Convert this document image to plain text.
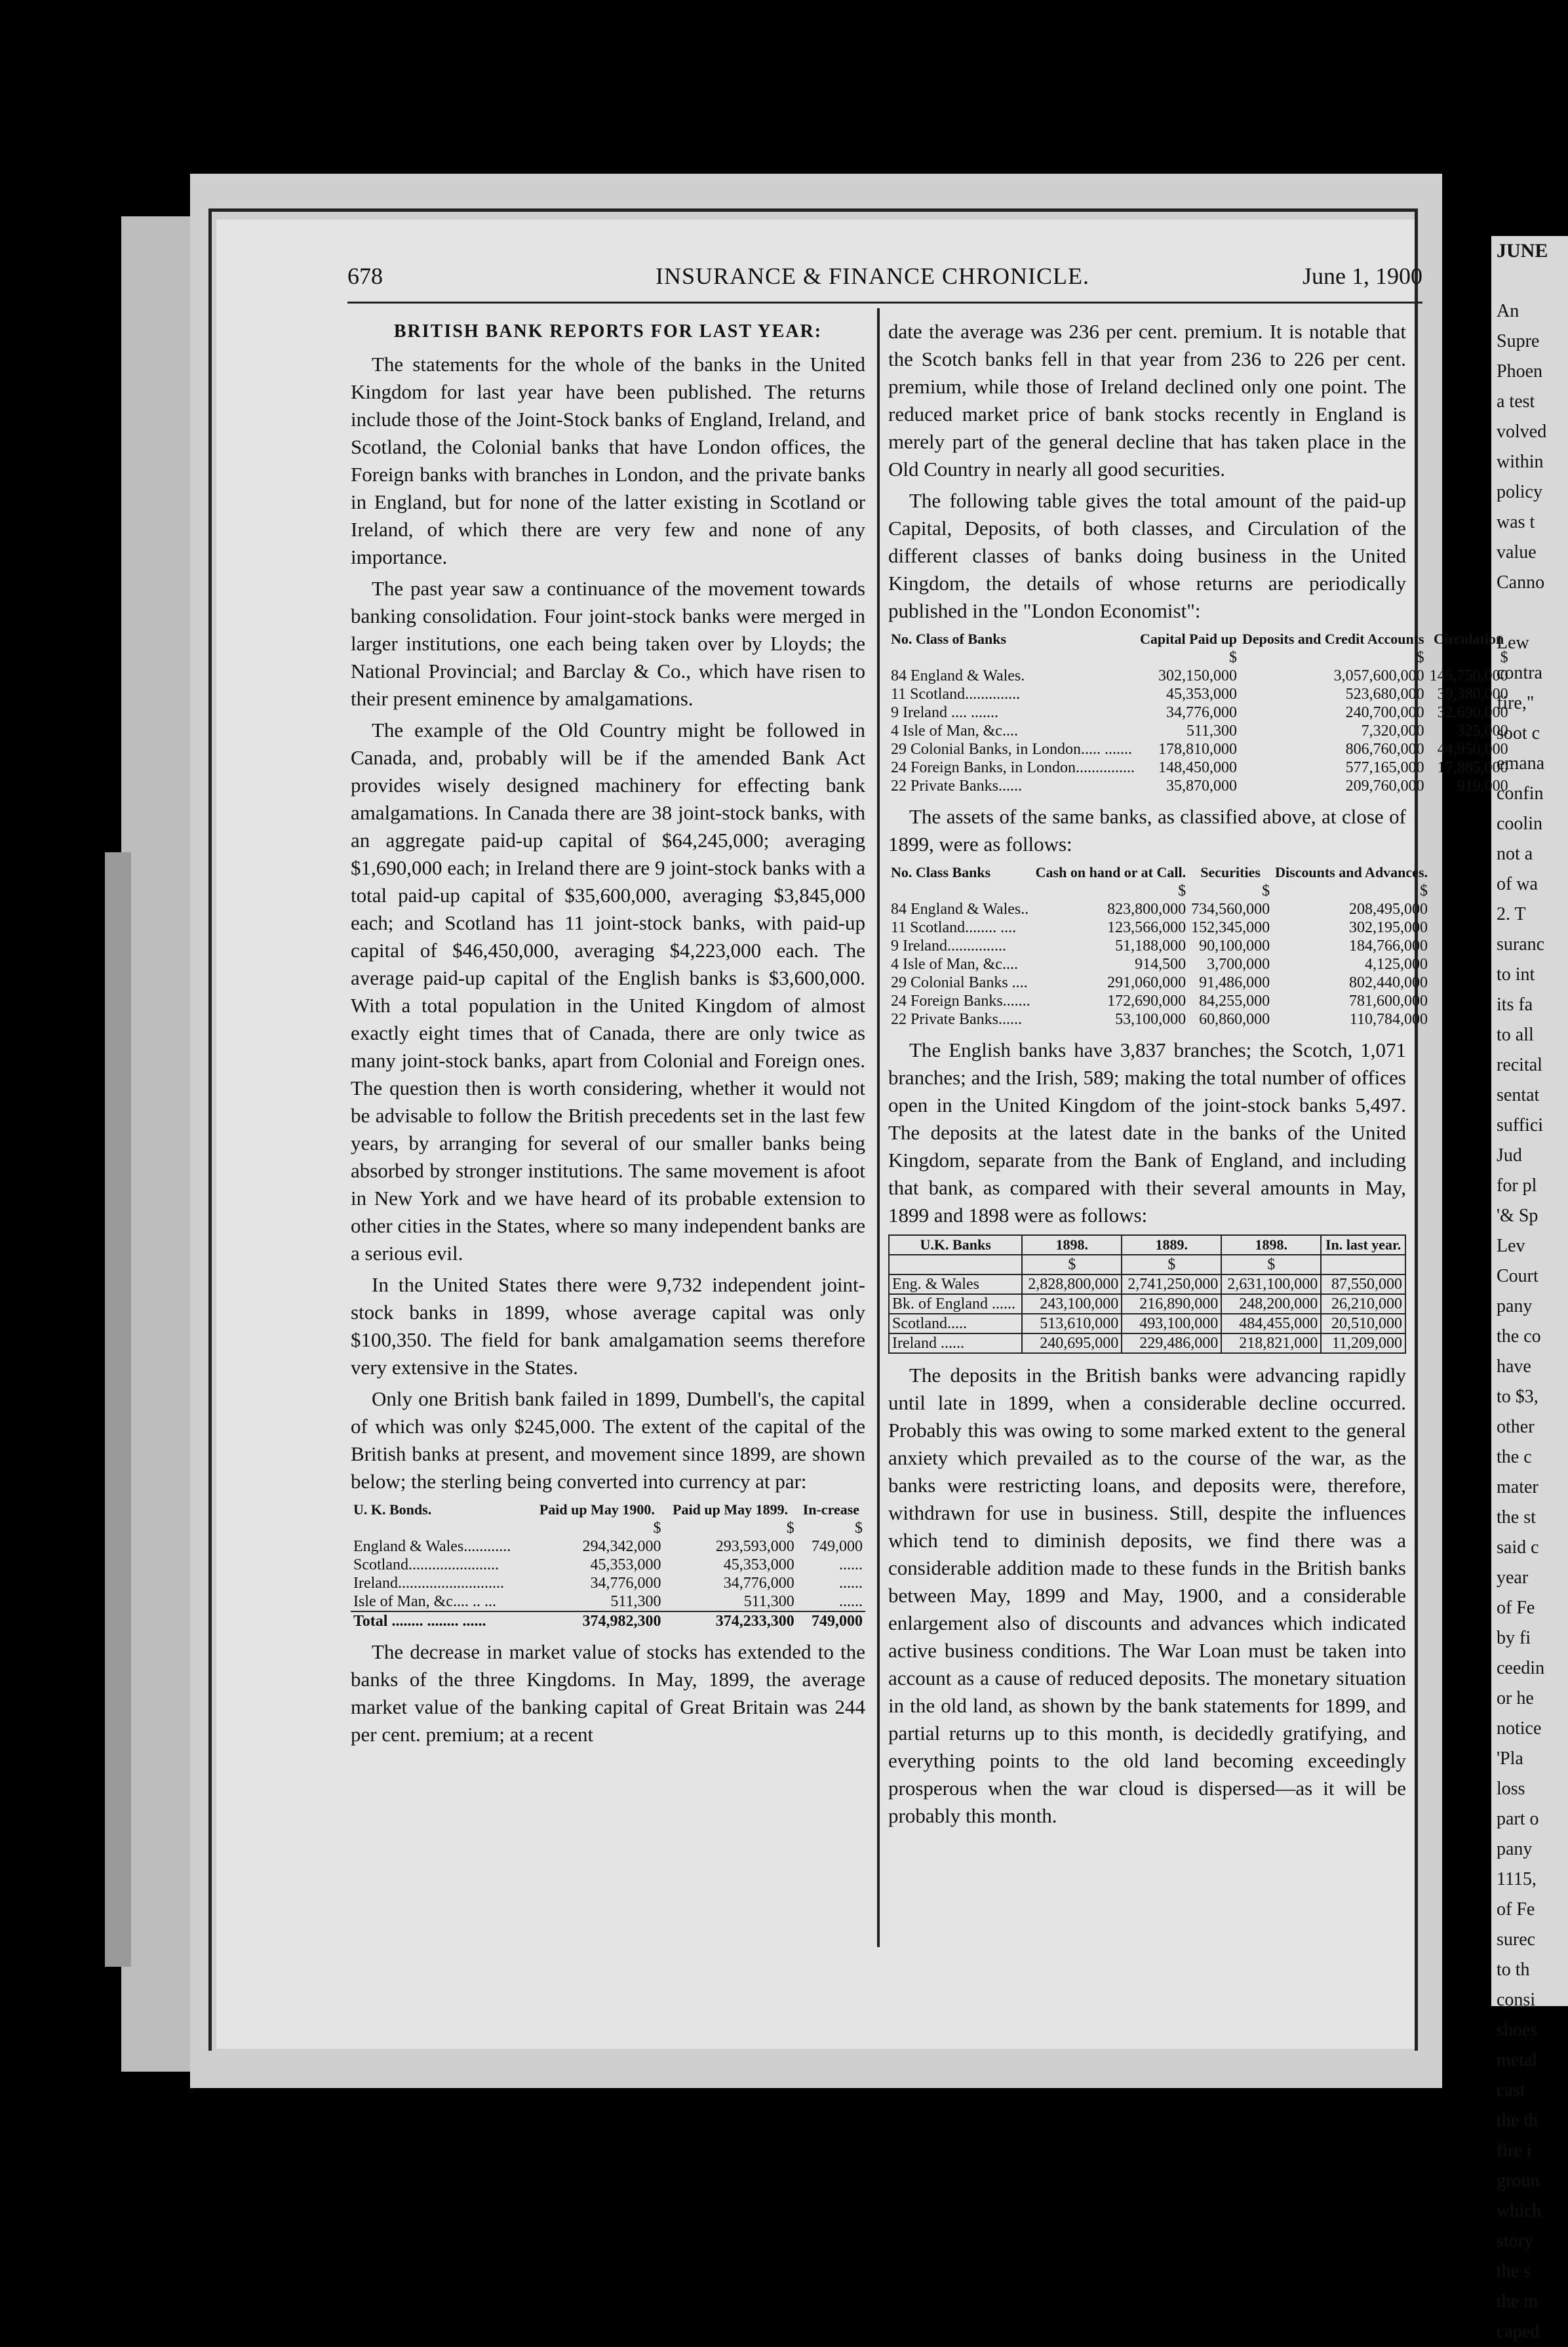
JUNE

An
Supre
Phoen
a test
volved
within
policy
was t
value
Canno

Lew
contra
fire,"
soot c
emana
confin
coolin
not a
of wa
2. T
suranc
to int
its fa
to all
recital
sentat
suffici
Jud
for pl
'& Sp
Lev
Court
pany
the co
have
to $3,
other
the c
mater
the st
said c
year
of Fe
by fi
ceedin
or he
notice
'Pla
loss
part o
pany
1115,
of Fe
surec
to th
consi
shoes
metal
cast
the th
fire i
groun
which
story
the s
the m
caped
678	INSURANCE & FINANCE CHRONICLE.	June 1, 1900
BRITISH BANK REPORTS FOR LAST YEAR:

The statements for the whole of the banks in the United Kingdom for last year have been published. The returns include those of the Joint-Stock banks of England, Ireland, and Scotland, the Colonial banks that have London offices, the Foreign banks with branches in London, and the private banks in England, but for none of the latter existing in Scotland or Ireland, of which there are very few and none of any importance.

The past year saw a continuance of the movement towards banking consolidation. Four joint-stock banks were merged in larger institutions, one each being taken over by Lloyds; the National Provincial; and Barclay & Co., which have risen to their present eminence by amalgamations.

The example of the Old Country might be followed in Canada, and, probably will be if the amended Bank Act provides wisely designed machinery for effecting bank amalgamations. In Canada there are 38 joint-stock banks, with an aggregate paid-up capital of $64,245,000; averaging $1,690,000 each; in Ireland there are 9 joint-stock banks with a total paid-up capital of $35,600,000, averaging $3,845,000 each; and Scotland has 11 joint-stock banks, with paid-up capital of $46,450,000, averaging $4,223,000 each. The average paid-up capital of the English banks is $3,600,000. With a total population in the United Kingdom of almost exactly eight times that of Canada, there are only twice as many joint-stock banks, apart from Colonial and Foreign ones. The question then is worth considering, whether it would not be advisable to follow the British precedents set in the last few years, by arranging for several of our smaller banks being absorbed by stronger institutions. The same movement is afoot in New York and we have heard of its probable extension to other cities in the States, where so many independent banks are a serious evil.

In the United States there were 9,732 independent joint-stock banks in 1899, whose average capital was only $100,350. The field for bank amalgamation seems therefore very extensive in the States.

Only one British bank failed in 1899, Dumbell's, the capital of which was only $245,000. The extent of the capital of the British banks at present, and movement since 1899, are shown below; the sterling being converted into currency at par:

U. K. Bonds.	Paid up May 1900.	Paid up May 1899.	In-crease
	$	$	$
England & Wales............	294,342,000	293,593,000	749,000
Scotland.......................	45,353,000	45,353,000	......
Ireland...........................	34,776,000	34,776,000	......
Isle of Man, &c.... .. ...	511,300	511,300	......
Total ........ ........ ......	374,982,300	374,233,300	749,000

The decrease in market value of stocks has extended to the banks of the three Kingdoms. In May, 1899, the average market value of the banking capital of Great Britain was 244 per cent. premium; at a recent

date the average was 236 per cent. premium. It is notable that the Scotch banks fell in that year from 236 to 226 per cent. premium, while those of Ireland declined only one point. The reduced market price of bank stocks recently in England is merely part of the general decline that has taken place in the Old Country in nearly all good securities.

The following table gives the total amount of the paid-up Capital, Deposits, of both classes, and Circulation of the different classes of banks doing business in the United Kingdom, the details of whose returns are periodically published in the "London Economist":

No. Class of Banks	Capital Paid up	Deposits and Credit Accounts	Circulation
	$	$	$
84 England & Wales.	302,150,000	3,057,600,000	145,750,000
11 Scotland..............	45,353,000	523,680,000	39,380,000
9 Ireland .... .......	34,776,000	240,700,000	32,690,000
4 Isle of Man, &c....	511,300	7,320,000	325,000
29 Colonial Banks, in London..... .......	178,810,000	806,760,000	44,950,000
24 Foreign Banks, in London...............	148,450,000	577,165,000	17,885,000
22 Private Banks......	35,870,000	209,760,000	919,000

The assets of the same banks, as classified above, at close of 1899, were as follows:

No. Class Banks	Cash on hand or at Call.	Securities	Discounts and Advances.
	$	$	$
84 England & Wales..	823,800,000	734,560,000	208,495,000
11 Scotland........ ....	123,566,000	152,345,000	302,195,000
9 Ireland...............	51,188,000	90,100,000	184,766,000
4 Isle of Man, &c....	914,500	3,700,000	4,125,000
29 Colonial Banks ....	291,060,000	91,486,000	802,440,000
24 Foreign Banks.......	172,690,000	84,255,000	781,600,000
22 Private Banks......	53,100,000	60,860,000	110,784,000

The English banks have 3,837 branches; the Scotch, 1,071 branches; and the Irish, 589; making the total number of offices open in the United Kingdom of the joint-stock banks 5,497. The deposits at the latest date in the banks of the United Kingdom, separate from the Bank of England, and including that bank, as compared with their several amounts in May, 1899 and 1898 were as follows:

U.K. Banks	1898.	1889.	1898.	In. last year.
	$	$	$	
Eng. & Wales	2,828,800,000	2,741,250,000	2,631,100,000	87,550,000
Bk. of England ......	243,100,000	216,890,000	248,200,000	26,210,000
Scotland.....	513,610,000	493,100,000	484,455,000	20,510,000
Ireland ......	240,695,000	229,486,000	218,821,000	11,209,000

The deposits in the British banks were advancing rapidly until late in 1899, when a considerable decline occurred. Probably this was owing to some marked extent to the general anxiety which prevailed as to the course of the war, as the banks were restricting loans, and deposits were, therefore, withdrawn for use in business. Still, despite the influences which tend to diminish deposits, we find there was a considerable addition made to these funds in the British banks between May, 1899 and May, 1900, and a considerable enlargement also of discounts and advances which indicated active business conditions. The War Loan must be taken into account as a cause of reduced deposits. The monetary situation in the old land, as shown by the bank statements for 1899, and partial returns up to this month, is decidedly gratifying, and everything points to the old land becoming exceedingly prosperous when the war cloud is dispersed—as it will be probably this month.
